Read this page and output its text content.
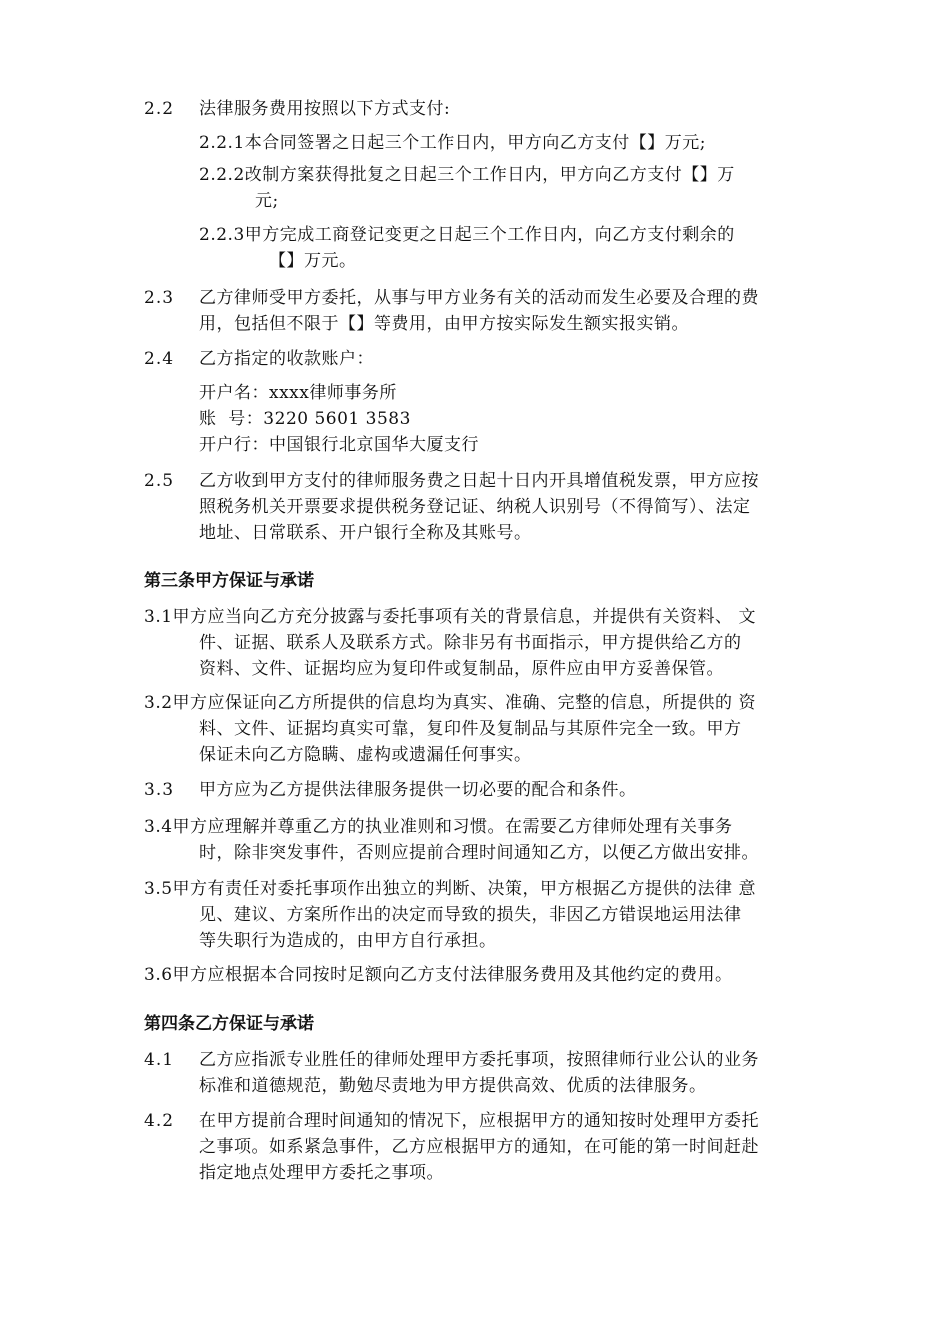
2.2 法律服务费用按照以下方式支付:
2.2.1本合同签署之日起三个工作日内，甲方向乙方支付【】万元;
2.2.2改制方案获得批复之日起三个工作日内，甲方向乙方支付【】万
元;
2.2.3甲方完成工商登记变更之日起三个工作日内，向乙方支付剩余的
【】万元。
2.3 乙方律师受甲方委托，从事与甲方业务有关的活动而发生必要及合理的费
用，包括但不限于【】等费用，由甲方按实际发生额实报实销。
2.4 乙方指定的收款账户：
开户名：xxxx律师事务所
账  号：3220 5601 3583
开户行：中国银行北京国华大厦支行
2.5 乙方收到甲方支付的律师服务费之日起十日内开具增值税发票，甲方应按
照税务机关开票要求提供税务登记证、纳税人识别号（不得简写）、法定
地址、日常联系、开户银行全称及其账号。
第三条甲方保证与承诺
3.1甲方应当向乙方充分披露与委托事项有关的背景信息，并提供有关资料、 文
件、证据、联系人及联系方式。除非另有书面指示，甲方提供给乙方的
资料、文件、证据均应为复印件或复制品，原件应由甲方妥善保管。
3.2甲方应保证向乙方所提供的信息均为真实、准确、完整的信息，所提供的 资
料、文件、证据均真实可靠，复印件及复制品与其原件完全一致。甲方
保证未向乙方隐瞒、虚构或遗漏任何事实。
3.3 甲方应为乙方提供法律服务提供一切必要的配合和条件。
3.4甲方应理解并尊重乙方的执业准则和习惯。在需要乙方律师处理有关事务
时，除非突发事件，否则应提前合理时间通知乙方，以便乙方做出安排。
3.5甲方有责任对委托事项作出独立的判断、决策，甲方根据乙方提供的法律 意
见、建议、方案所作出的决定而导致的损失，非因乙方错误地运用法律
等失职行为造成的，由甲方自行承担。
3.6甲方应根据本合同按时足额向乙方支付法律服务费用及其他约定的费用。
第四条乙方保证与承诺
4.1 乙方应指派专业胜任的律师处理甲方委托事项，按照律师行业公认的业务
标准和道德规范，勤勉尽责地为甲方提供高效、优质的法律服务。
4.2 在甲方提前合理时间通知的情况下，应根据甲方的通知按时处理甲方委托
之事项。如系紧急事件，乙方应根据甲方的通知，在可能的第一时间赶赴
指定地点处理甲方委托之事项。
